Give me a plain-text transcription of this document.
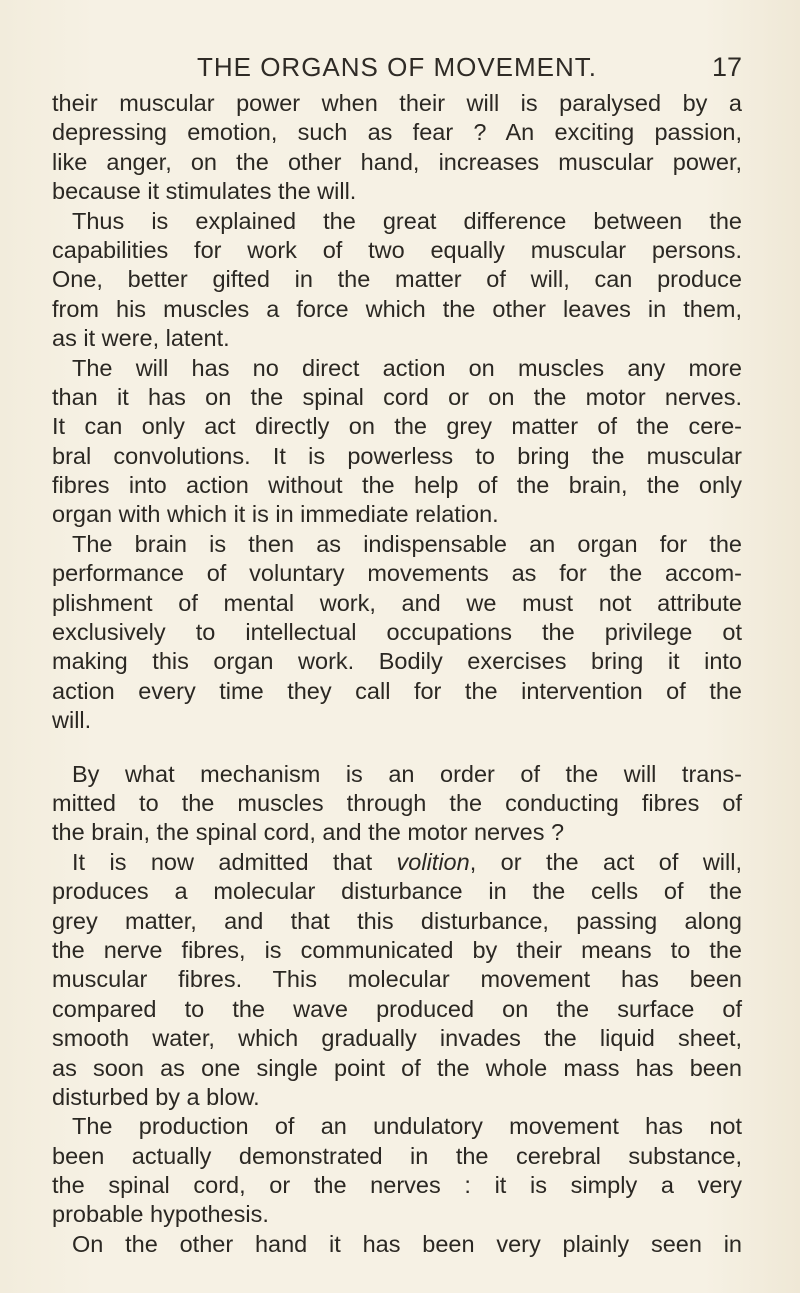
THE ORGANS OF MOVEMENT.	17
their muscular power when their will is paralysed by a
depressing emotion, such as fear ? An exciting passion,
like anger, on the other hand, increases muscular power,
because it stimulates the will.
Thus is explained the great difference between the
capabilities for work of two equally muscular persons.
One, better gifted in the matter of will, can produce
from his muscles a force which the other leaves in them,
as it were, latent.
The will has no direct action on muscles any more
than it has on the spinal cord or on the motor nerves.
It can only act directly on the grey matter of the cere-
bral convolutions. It is powerless to bring the muscular
fibres into action without the help of the brain, the only
organ with which it is in immediate relation.
The brain is then as indispensable an organ for the
performance of voluntary movements as for the accom-
plishment of mental work, and we must not attribute
exclusively to intellectual occupations the privilege ot
making this organ work. Bodily exercises bring it into
action every time they call for the intervention of the
will.
By what mechanism is an order of the will trans-
mitted to the muscles through the conducting fibres of
the brain, the spinal cord, and the motor nerves ?
It is now admitted that volition, or the act of will,
produces a molecular disturbance in the cells of the
grey matter, and that this disturbance, passing along
the nerve fibres, is communicated by their means to the
muscular fibres. This molecular movement has been
compared to the wave produced on the surface of
smooth water, which gradually invades the liquid sheet,
as soon as one single point of the whole mass has been
disturbed by a blow.
The production of an undulatory movement has not
been actually demonstrated in the cerebral substance,
the spinal cord, or the nerves : it is simply a very
probable hypothesis.
On the other hand it has been very plainly seen in
